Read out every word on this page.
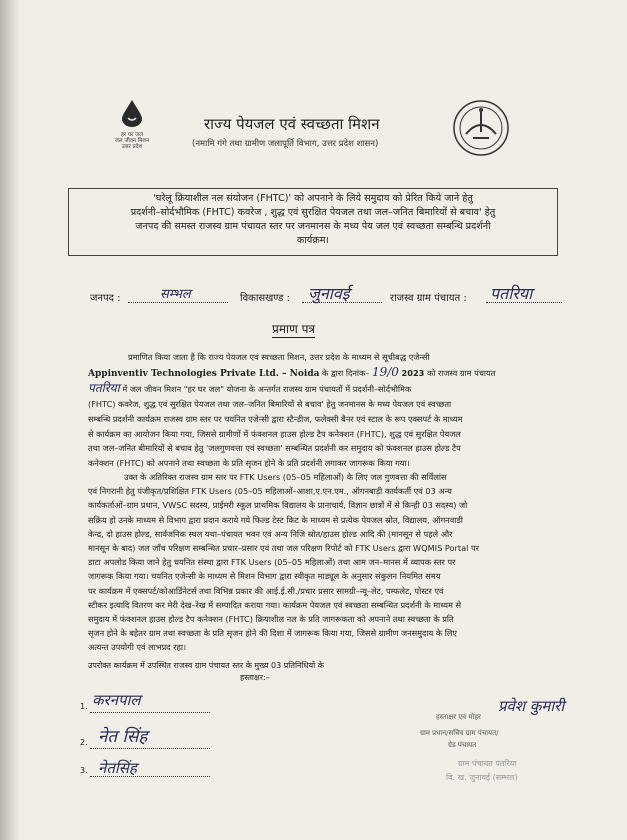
हर घर जल
जल जीवन मिशन
उत्तर प्रदेश
राज्य पेयजल एवं स्वच्छता मिशन
(नमामि गंगे तथा ग्रामीण जलापूर्ति विभाग, उत्तर प्रदेश शासन)
'घरेलू क्रियाशील नल संयोजन (FHTC)' को अपनाने के लिये समुदाय को प्रेरित किये जाने हेतु
प्रदर्शनी–सोर्दभौमिक (FHTC) कवरेज , शुद्ध एवं सुरक्षित पेयजल तथा जल–जनित बिमारियों से बचाव' हेतु
जनपद की समस्त राजस्व ग्राम पंचायत स्तर पर जनमानस के मध्य पेय जल एवं स्वच्छता सम्बन्धि प्रदर्शनी
कार्यक्रम।
जनपद :	सम्भल	विकासखण्ड : जुनावई	राजस्व ग्राम पंचायत : पतरिया
प्रमाण पत्र
प्रमाणित किया जाता है कि राज्य पेयजल एवं स्वच्छता मिशन, उत्तर प्रदेश के माध्यम से सूचीबद्ध एजेन्सी
Appinventiv Technologies Private Ltd. – Noida के द्वारा दिनांक– 19/0 2023 को राजस्व ग्राम पंचायत
पतरिया में जल जीवन मिशन "हर घर जल" योजना के अन्तर्गत राजस्व ग्राम पंचायतों में प्रदर्शनी–सोर्दभौमिक
(FHTC) कवरेज, शुद्ध एवं सुरक्षित पेयजल तथा जल–जनित बिमारियों से बचाव' हेतु जनमानस के मध्य पेयजल एवं स्वच्छता
सम्बन्धि प्रदर्शनी कार्यक्रम राजस्व ग्राम स्तर पर चयनित एजेन्सी द्वारा स्टैन्डीज, फलेक्सी बैनर एवं स्टाल के रूप एक्सपर्ट के माध्यम
से कार्यक्रम का आयोजन किया गया, जिससे ग्रामीणों में फंक्शनल हाउस होल्ड टैप कनेक्शन (FHTC), शुद्ध एवं सुरक्षित पेयजल
तथा जल–जनित बीमारियों से बचाव हेतु 'जलगुणवत्ता एवं स्वच्छता' सम्बन्धित प्रदर्शनी कर समुदाय को फंक्शनल हाउस होल्ड टैप
कनेक्शन (FHTC) को अपनाने तथा स्वच्छता के प्रति सृजन होने के प्रति प्रदर्शनी लगाकर जागरूक किया गया।
उक्त के अतिरिक्त राजस्व ग्राम स्तर पर FTK Users (05–05 महिलाओं) के लिए जल गुणवत्ता की सर्विलांस
एवं निगरानी हेतु पंजीकृत/प्रशिक्षित FTK Users (05–05 महिलाओं–आशा,ए.एन.एम., ऑगनबाड़ी कार्यकर्ती एवं 03 अन्य
कार्यकर्ताओं–ग्राम प्रधान, VWSC सदस्य, प्राईमरी स्कूल प्राथमिक विद्यालय के प्रानाचार्य, विज्ञान छात्रों में से किन्ही 03 सदस्य) जो
सक्रिय हो उनके माध्यम से विभाग द्वारा प्रदान कराये गये फिल्ड टेस्ट किट के माध्यम से प्रत्येक पेयजल स्रोत, विद्यालय, ऑगनवाडी
केन्द्र, दो हाउस होल्ड, सार्वजनिक स्थल यथा–पंचायत भवन एवं अन्य निजि स्रोत/हाउस होल्ड आदि की (मानसून से पहले और
मानसून के बाद) जल जाँच परिक्षण सम्बन्धित प्रचार–प्रसार एवं तथा जल परिक्षण रिपोर्ट को FTK Users द्वारा WQMIS Portal पर
डाटा अपलोड किया जाने हेतु चयनित संस्था द्वारा FTK Users (05–05 महिलाओं) तथा आम जन–मानस में व्यापक स्तर पर
जागरूक किया गया। चयनित एजेन्सी के माध्यम से मिशन विभाग द्वारा स्वीकृत माड्यूल के अनुसार संकुलन नियमित समय
पर कार्यक्रम में एक्सपर्ट/कोआर्डिनेटर्स तथा विभिन्न प्रकार की आई.ई.सी./प्रचार प्रसार सामग्री–न्यू–लेट, पम्फलेट, पोस्टर एवं
स्टीकर इत्यादि वितरण कर मेरी देख–रेख में सम्पादित कराया गया। कार्यक्रम पेयजल एवं स्वच्छता सम्बन्धित प्रदर्शनी के माध्यम से
समुदाय में फंक्शनल हाउस होल्ड टैप कनेक्शन (FHTC) क्रियाशील नल के प्रति जागरूकता को अपनाने तथा स्वच्छता के प्रति
सृजन होने के बहेतर ग्राम तथा स्वच्छता के प्रति सृजन होने की दिशा में जागरूक किया गया, जिससे ग्रामीण जनसमुदाय के लिए
अत्यन्त उपयोगी एवं लाभप्रद रहा।
उपरोक्त कार्यक्रम में उपस्थित राजस्व ग्राम पंचायत स्तर के मुख्य 03 प्रतिनिधियों के
हस्ताक्षर:–
1. करनपाल
2. नेत सिंह
3. नेतसिंह
प्रवेश कुमारी
हस्ताक्षर एवं मोहर
ग्राम प्रधान/सचिव ग्राम पंचायत/
ग्रेड पंचायत
ग्राम पंचायत पतरिया
वि. ख. जुनावई (सम्भल)
